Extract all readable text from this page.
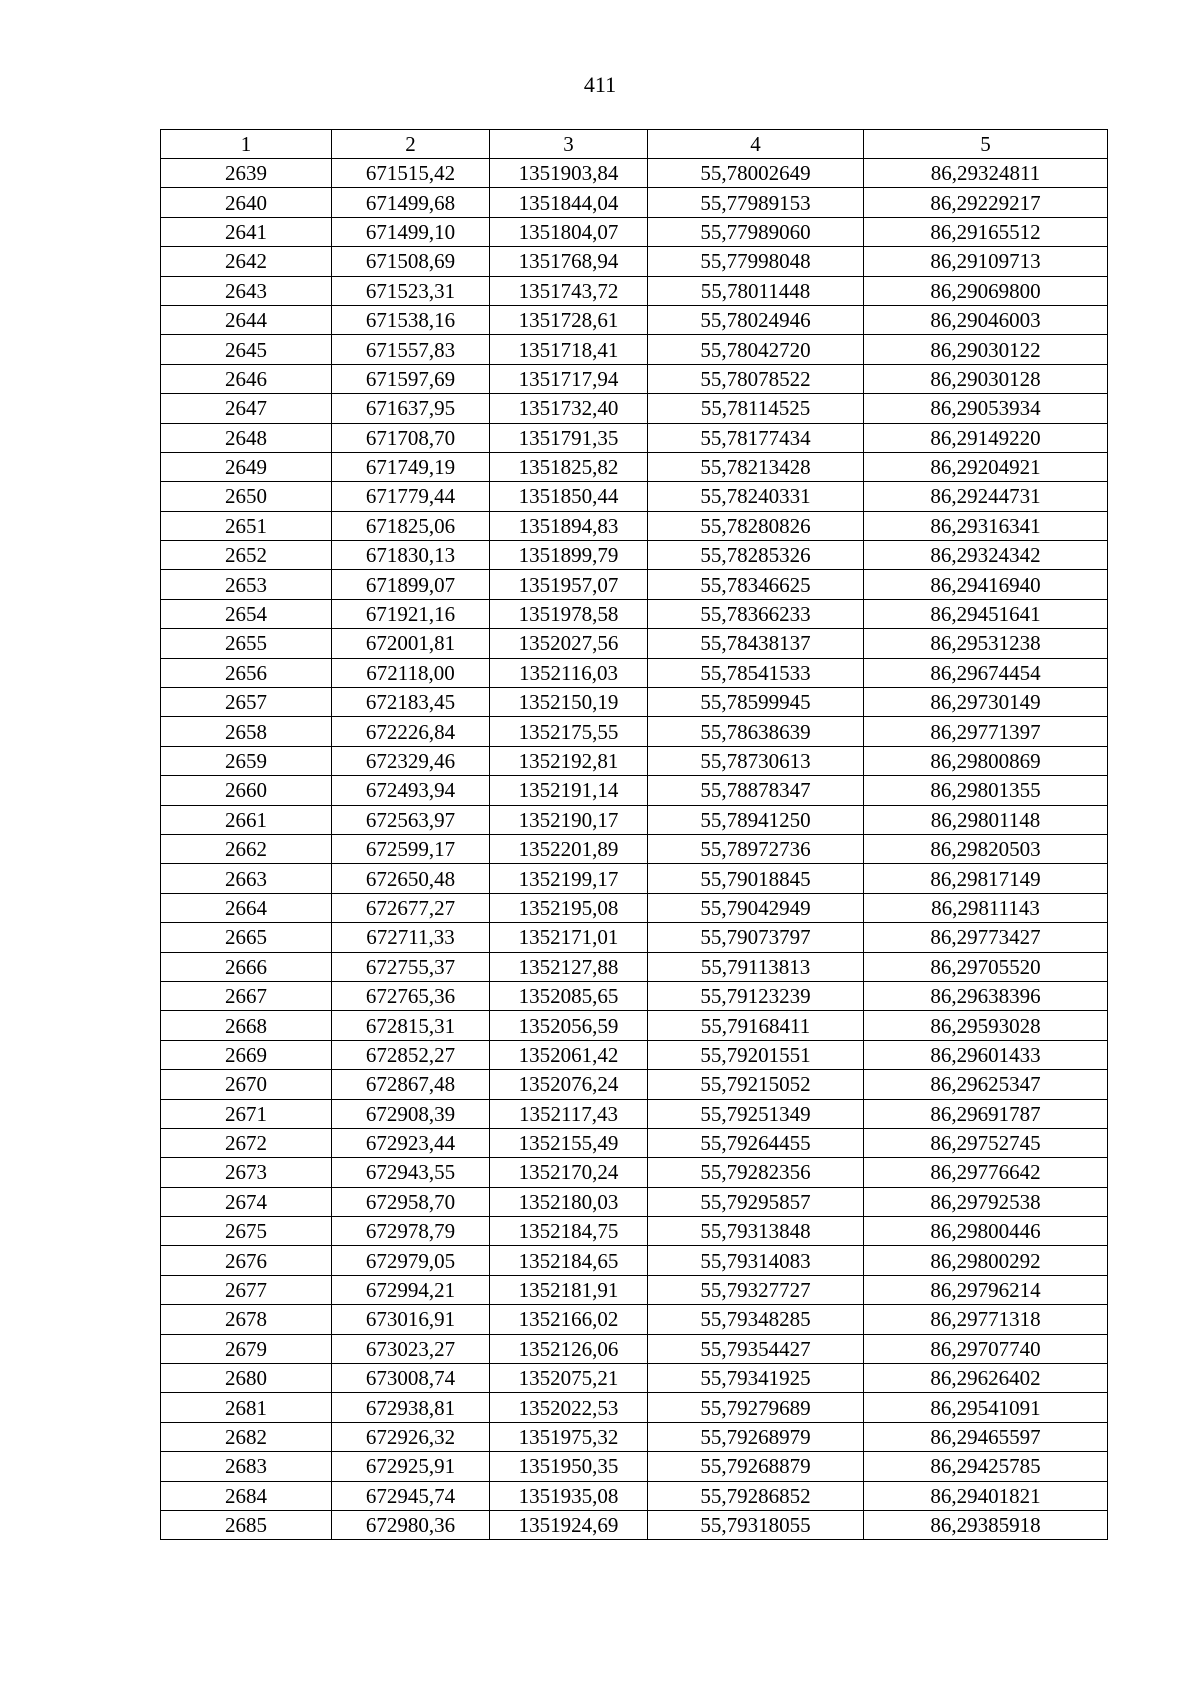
411
1	2	3	4	5
2639	671515,42	1351903,84	55,78002649	86,29324811
2640	671499,68	1351844,04	55,77989153	86,29229217
2641	671499,10	1351804,07	55,77989060	86,29165512
2642	671508,69	1351768,94	55,77998048	86,29109713
2643	671523,31	1351743,72	55,78011448	86,29069800
2644	671538,16	1351728,61	55,78024946	86,29046003
2645	671557,83	1351718,41	55,78042720	86,29030122
2646	671597,69	1351717,94	55,78078522	86,29030128
2647	671637,95	1351732,40	55,78114525	86,29053934
2648	671708,70	1351791,35	55,78177434	86,29149220
2649	671749,19	1351825,82	55,78213428	86,29204921
2650	671779,44	1351850,44	55,78240331	86,29244731
2651	671825,06	1351894,83	55,78280826	86,29316341
2652	671830,13	1351899,79	55,78285326	86,29324342
2653	671899,07	1351957,07	55,78346625	86,29416940
2654	671921,16	1351978,58	55,78366233	86,29451641
2655	672001,81	1352027,56	55,78438137	86,29531238
2656	672118,00	1352116,03	55,78541533	86,29674454
2657	672183,45	1352150,19	55,78599945	86,29730149
2658	672226,84	1352175,55	55,78638639	86,29771397
2659	672329,46	1352192,81	55,78730613	86,29800869
2660	672493,94	1352191,14	55,78878347	86,29801355
2661	672563,97	1352190,17	55,78941250	86,29801148
2662	672599,17	1352201,89	55,78972736	86,29820503
2663	672650,48	1352199,17	55,79018845	86,29817149
2664	672677,27	1352195,08	55,79042949	86,29811143
2665	672711,33	1352171,01	55,79073797	86,29773427
2666	672755,37	1352127,88	55,79113813	86,29705520
2667	672765,36	1352085,65	55,79123239	86,29638396
2668	672815,31	1352056,59	55,79168411	86,29593028
2669	672852,27	1352061,42	55,79201551	86,29601433
2670	672867,48	1352076,24	55,79215052	86,29625347
2671	672908,39	1352117,43	55,79251349	86,29691787
2672	672923,44	1352155,49	55,79264455	86,29752745
2673	672943,55	1352170,24	55,79282356	86,29776642
2674	672958,70	1352180,03	55,79295857	86,29792538
2675	672978,79	1352184,75	55,79313848	86,29800446
2676	672979,05	1352184,65	55,79314083	86,29800292
2677	672994,21	1352181,91	55,79327727	86,29796214
2678	673016,91	1352166,02	55,79348285	86,29771318
2679	673023,27	1352126,06	55,79354427	86,29707740
2680	673008,74	1352075,21	55,79341925	86,29626402
2681	672938,81	1352022,53	55,79279689	86,29541091
2682	672926,32	1351975,32	55,79268979	86,29465597
2683	672925,91	1351950,35	55,79268879	86,29425785
2684	672945,74	1351935,08	55,79286852	86,29401821
2685	672980,36	1351924,69	55,79318055	86,29385918
